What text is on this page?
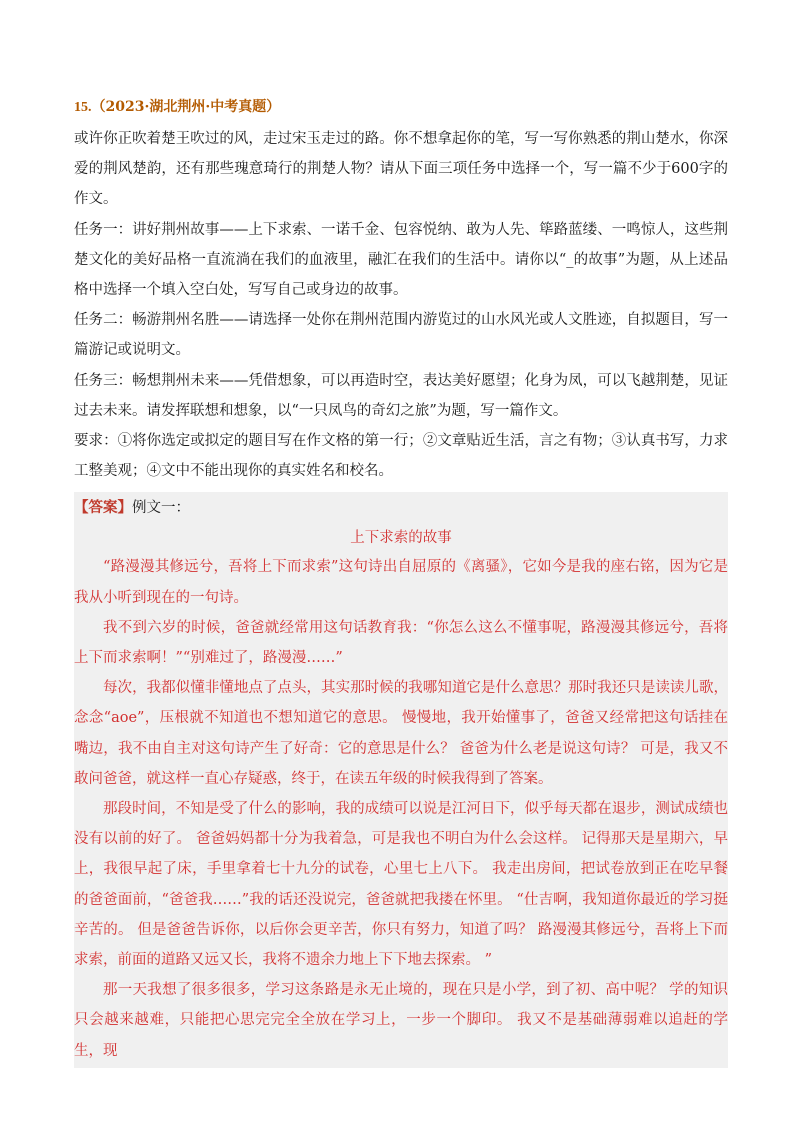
15.（2023·湖北荆州·中考真题）

或许你正吹着楚王吹过的风，走过宋玉走过的路。你不想拿起你的笔，写一写你熟悉的荆山楚水，你深爱的荆风楚韵，还有那些瑰意琦行的荆楚人物？请从下面三项任务中选择一个，写一篇不少于600字的作文。

任务一：讲好荆州故事——上下求索、一诺千金、包容悦纳、敢为人先、筚路蓝缕、一鸣惊人，这些荆楚文化的美好品格一直流淌在我们的血液里，融汇在我们的生活中。请你以“_的故事”为题，从上述品格中选择一个填入空白处，写写自己或身边的故事。

任务二：畅游荆州名胜——请选择一处你在荆州范围内游览过的山水风光或人文胜迹，自拟题目，写一篇游记或说明文。

任务三：畅想荆州未来——凭借想象，可以再造时空，表达美好愿望；化身为凤，可以飞越荆楚，见证过去未来。请发挥联想和想象，以“一只凤鸟的奇幻之旅”为题，写一篇作文。

要求：①将你选定或拟定的题目写在作文格的第一行；②文章贴近生活，言之有物；③认真书写，力求工整美观；④文中不能出现你的真实姓名和校名。

【答案】例文一：
上下求索的故事

“路漫漫其修远兮，吾将上下而求索”这句诗出自屈原的《离骚》，它如今是我的座右铭，因为它是我从小听到现在的一句诗。

我不到六岁的时候，爸爸就经常用这句话教育我：“你怎么这么不懂事呢，路漫漫其修远兮，吾将上下而求索啊！”“别难过了，路漫漫……”

每次，我都似懂非懂地点了点头，其实那时候的我哪知道它是什么意思？那时我还只是读读儿歌，念念“aoe”，压根就不知道也不想知道它的意思。 慢慢地，我开始懂事了，爸爸又经常把这句话挂在嘴边，我不由自主对这句诗产生了好奇：它的意思是什么？ 爸爸为什么老是说这句诗？ 可是，我又不敢问爸爸，就这样一直心存疑惑，终于，在读五年级的时候我得到了答案。

那段时间，不知是受了什么的影响，我的成绩可以说是江河日下，似乎每天都在退步，测试成绩也没有以前的好了。 爸爸妈妈都十分为我着急，可是我也不明白为什么会这样。 记得那天是星期六，早上，我很早起了床，手里拿着七十九分的试卷，心里七上八下。 我走出房间，把试卷放到正在吃早餐的爸爸面前，“爸爸我……”我的话还没说完，爸爸就把我搂在怀里。 “仕吉啊，我知道你最近的学习挺辛苦的。 但是爸爸告诉你，以后你会更辛苦，你只有努力，知道了吗？ 路漫漫其修远兮，吾将上下而求索，前面的道路又远又长，我将不遗余力地上下下地去探索。 ”

那一天我想了很多很多，学习这条路是永无止境的，现在只是小学，到了初、高中呢？ 学的知识只会越来越难，只能把心思完完全全放在学习上，一步一个脚印。 我又不是基础薄弱难以追赶的学生，现
